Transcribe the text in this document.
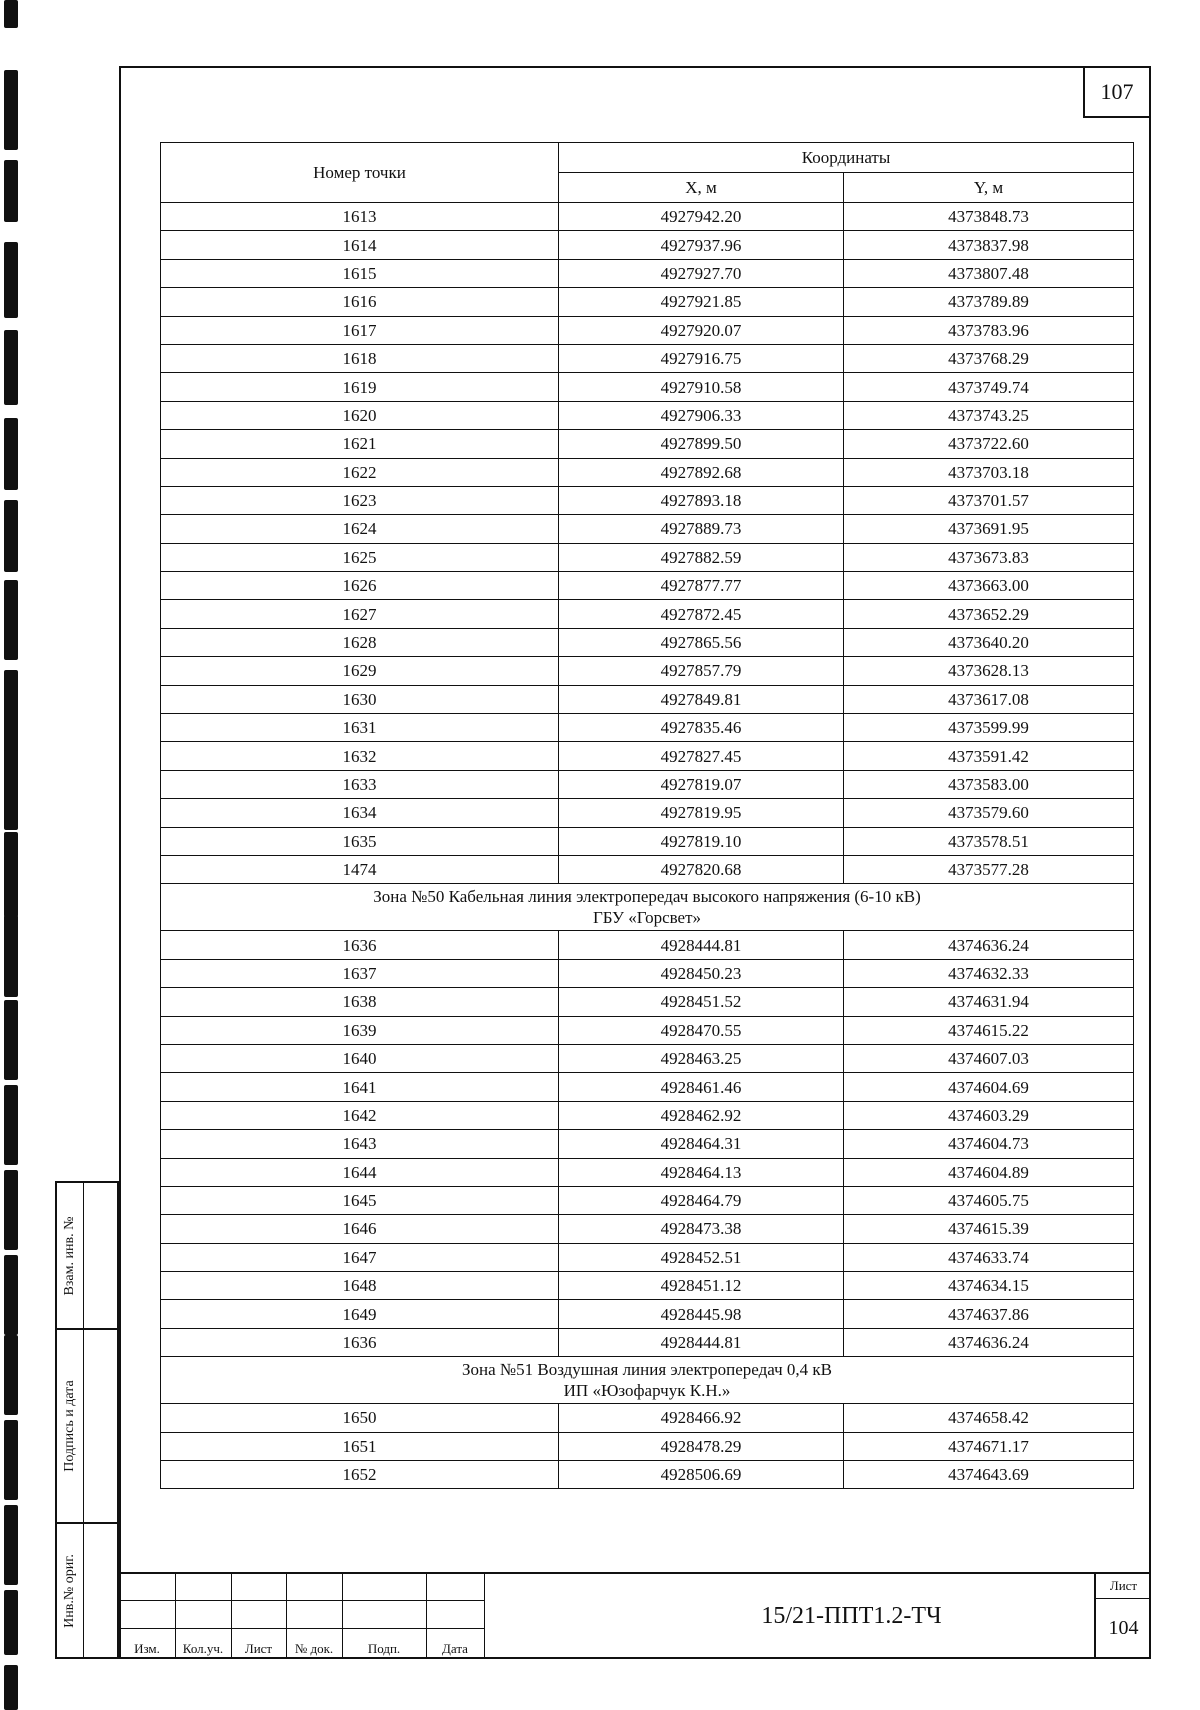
107
Номер точки	Координаты	
	X, м	Y, м
1613	4927942.20	4373848.73
1614	4927937.96	4373837.98
1615	4927927.70	4373807.48
1616	4927921.85	4373789.89
1617	4927920.07	4373783.96
1618	4927916.75	4373768.29
1619	4927910.58	4373749.74
1620	4927906.33	4373743.25
1621	4927899.50	4373722.60
1622	4927892.68	4373703.18
1623	4927893.18	4373701.57
1624	4927889.73	4373691.95
1625	4927882.59	4373673.83
1626	4927877.77	4373663.00
1627	4927872.45	4373652.29
1628	4927865.56	4373640.20
1629	4927857.79	4373628.13
1630	4927849.81	4373617.08
1631	4927835.46	4373599.99
1632	4927827.45	4373591.42
1633	4927819.07	4373583.00
1634	4927819.95	4373579.60
1635	4927819.10	4373578.51
1474	4927820.68	4373577.28

Зона №50 Кабельная линия электропередач высокого напряжения (6-10 кВ)
ГБУ «Горсвет»		

1636	4928444.81	4374636.24
1637	4928450.23	4374632.33
1638	4928451.52	4374631.94
1639	4928470.55	4374615.22
1640	4928463.25	4374607.03
1641	4928461.46	4374604.69
1642	4928462.92	4374603.29
1643	4928464.31	4374604.73
1644	4928464.13	4374604.89
1645	4928464.79	4374605.75
1646	4928473.38	4374615.39
1647	4928452.51	4374633.74
1648	4928451.12	4374634.15
1649	4928445.98	4374637.86
1636	4928444.81	4374636.24

Зона №51 Воздушная линия электропередач 0,4 кВ
ИП «Юзофарчук К.Н.»		

1650	4928466.92	4374658.42
1651	4928478.29	4374671.17
1652	4928506.69	4374643.69
Взам. инв. №
Подпись и дата
Инв.№ ориг.
Изм.	Кол.уч.	Лист	№ док.	Подп.	Дата
15/21-ППТ1.2-ТЧ
Лист
104
